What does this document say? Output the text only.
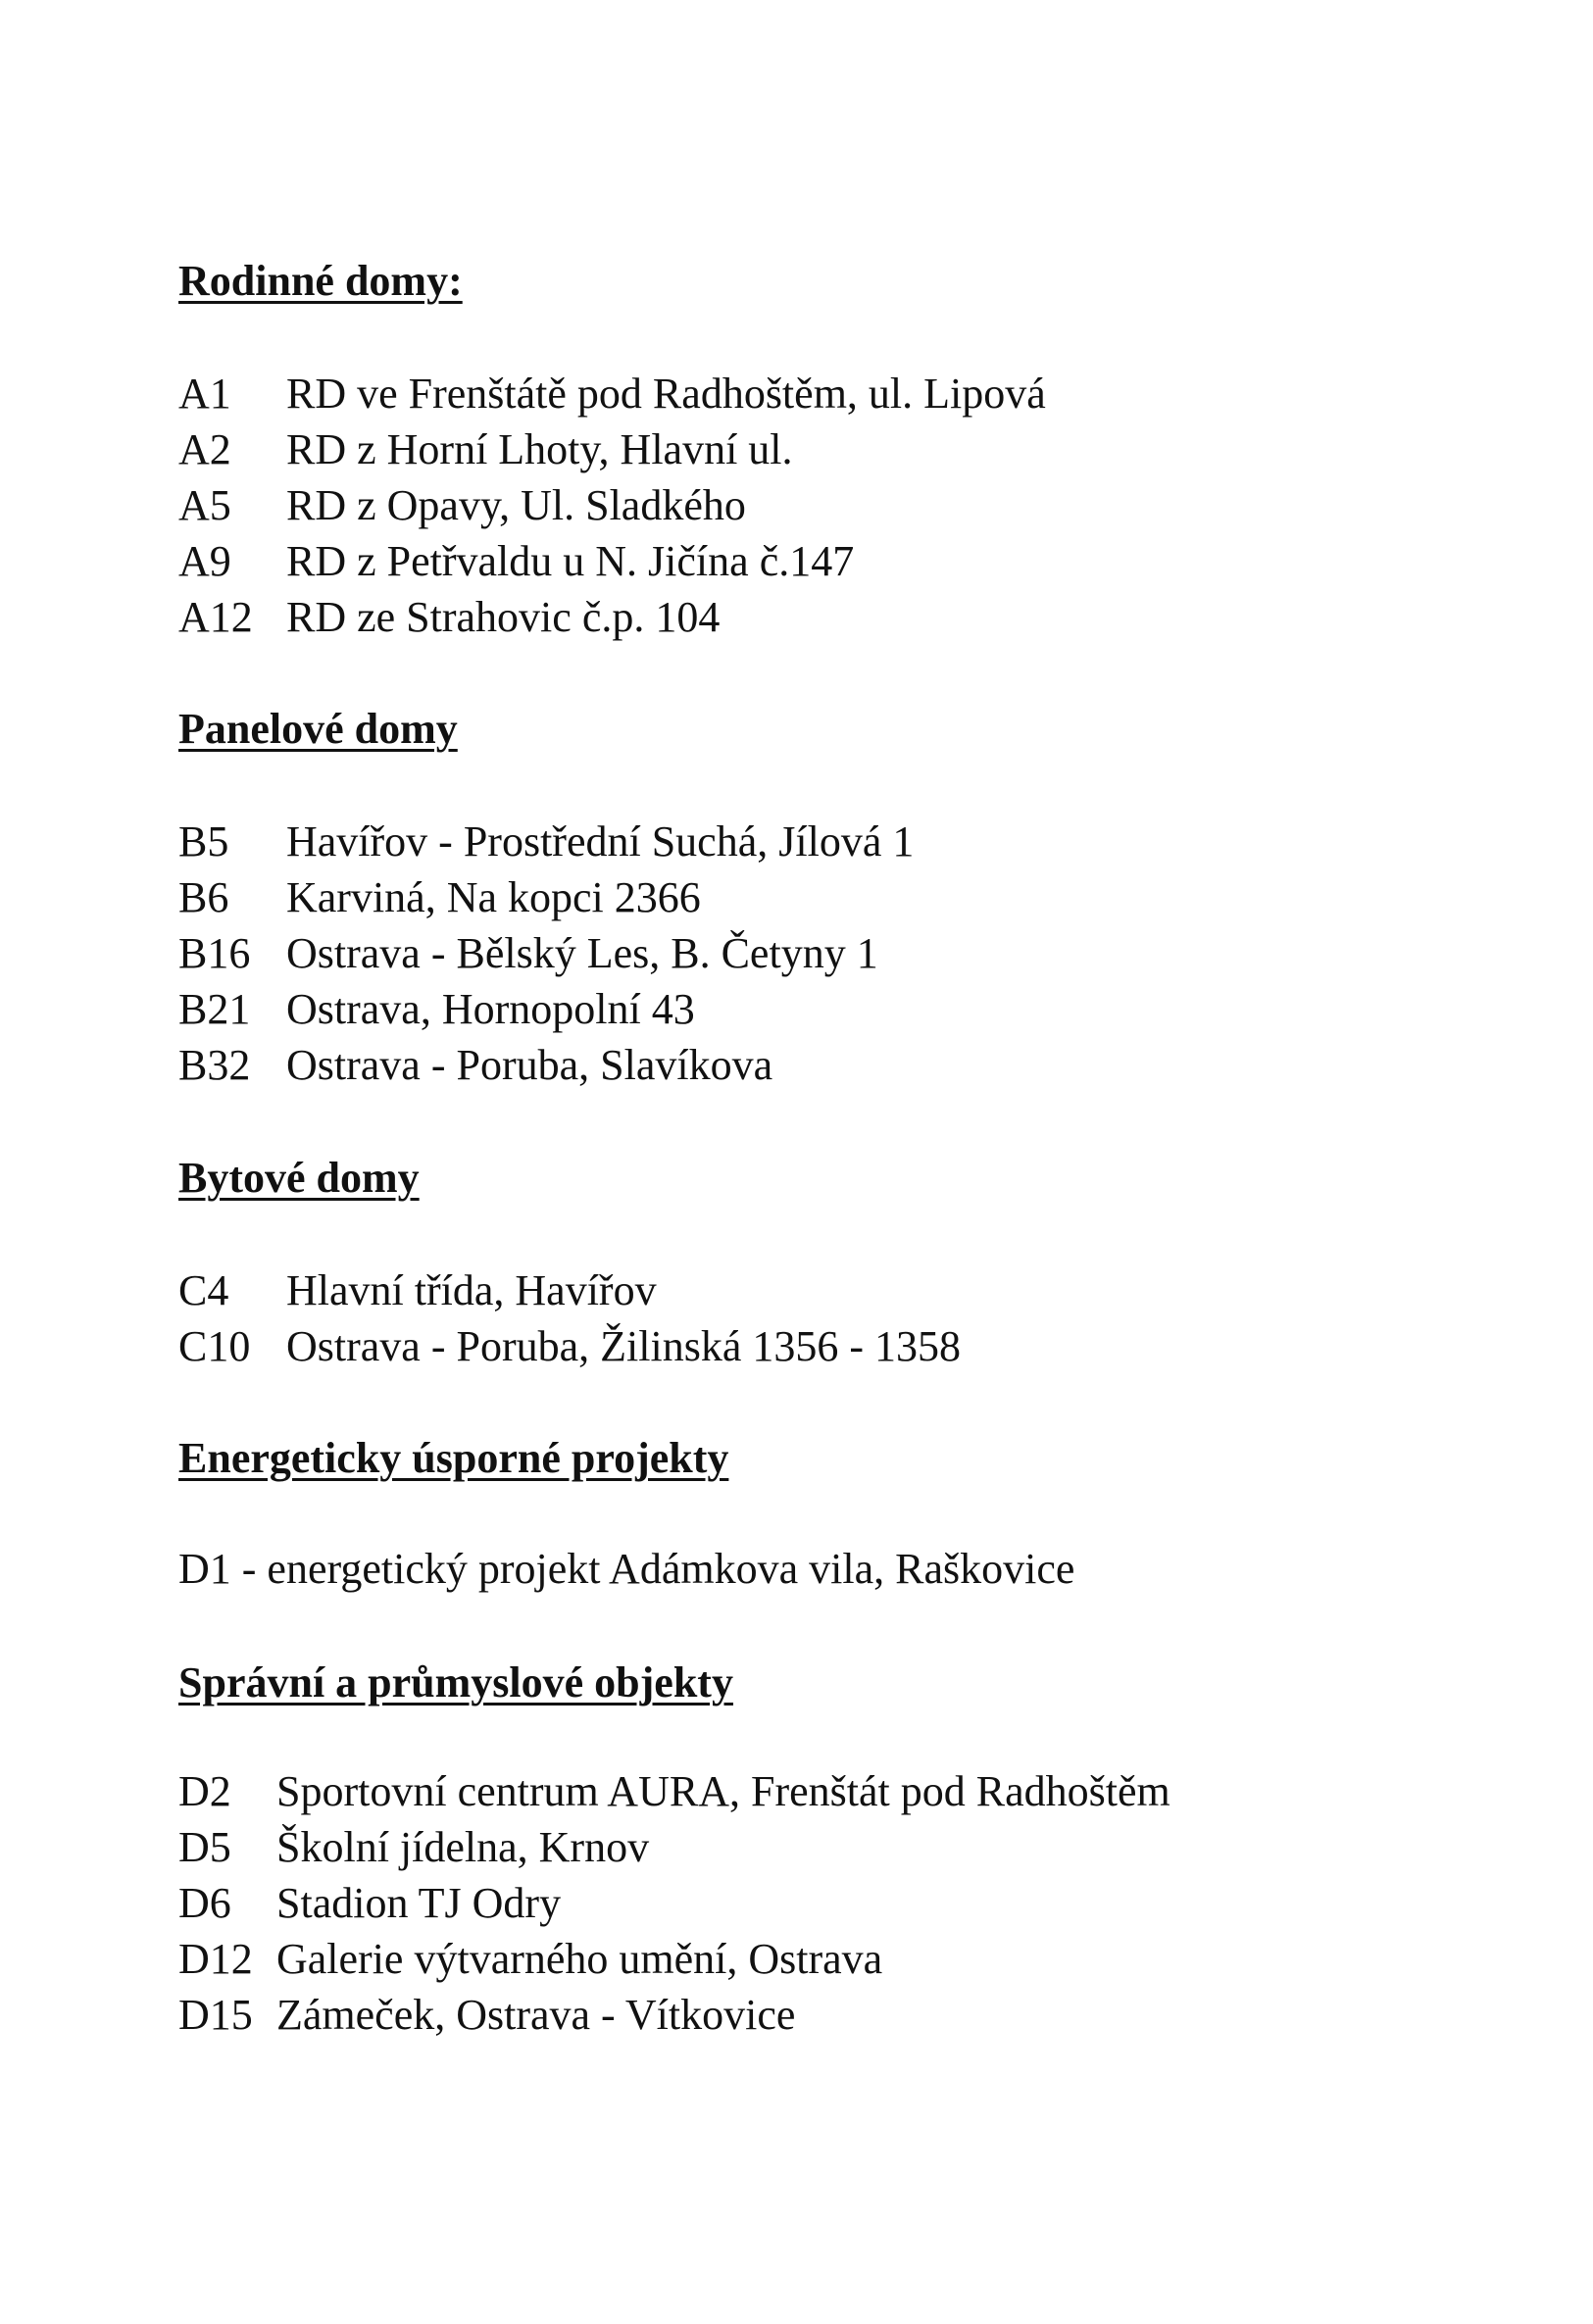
Rodinné domy:
A1	RD ve Frenštátě pod Radhoštěm, ul. Lipová
A2	RD z Horní Lhoty, Hlavní ul.
A5	RD z Opavy, Ul. Sladkého
A9	RD z Petřvaldu u N. Jičína č.147
A12 RD ze Strahovic č.p. 104
Panelové domy
B5	Havířov - Prostřední Suchá, Jílová 1
B6	Karviná, Na kopci 2366
B16 Ostrava - Bělský Les, B. Četyny 1
B21 Ostrava, Hornopolní 43
B32 Ostrava - Poruba, Slavíkova
Bytové domy
C4	Hlavní třída, Havířov
C10 Ostrava - Poruba, Žilinská 1356 - 1358
Energeticky úsporné projekty

D1 - energetický projekt Adámkova vila, Raškovice

Správní a průmyslové objekty
D2	Sportovní centrum AURA, Frenštát pod Radhoštěm
D5	Školní jídelna, Krnov
D6	Stadion TJ Odry
D12 Galerie výtvarného umění, Ostrava
D15 Zámeček, Ostrava - Vítkovice
